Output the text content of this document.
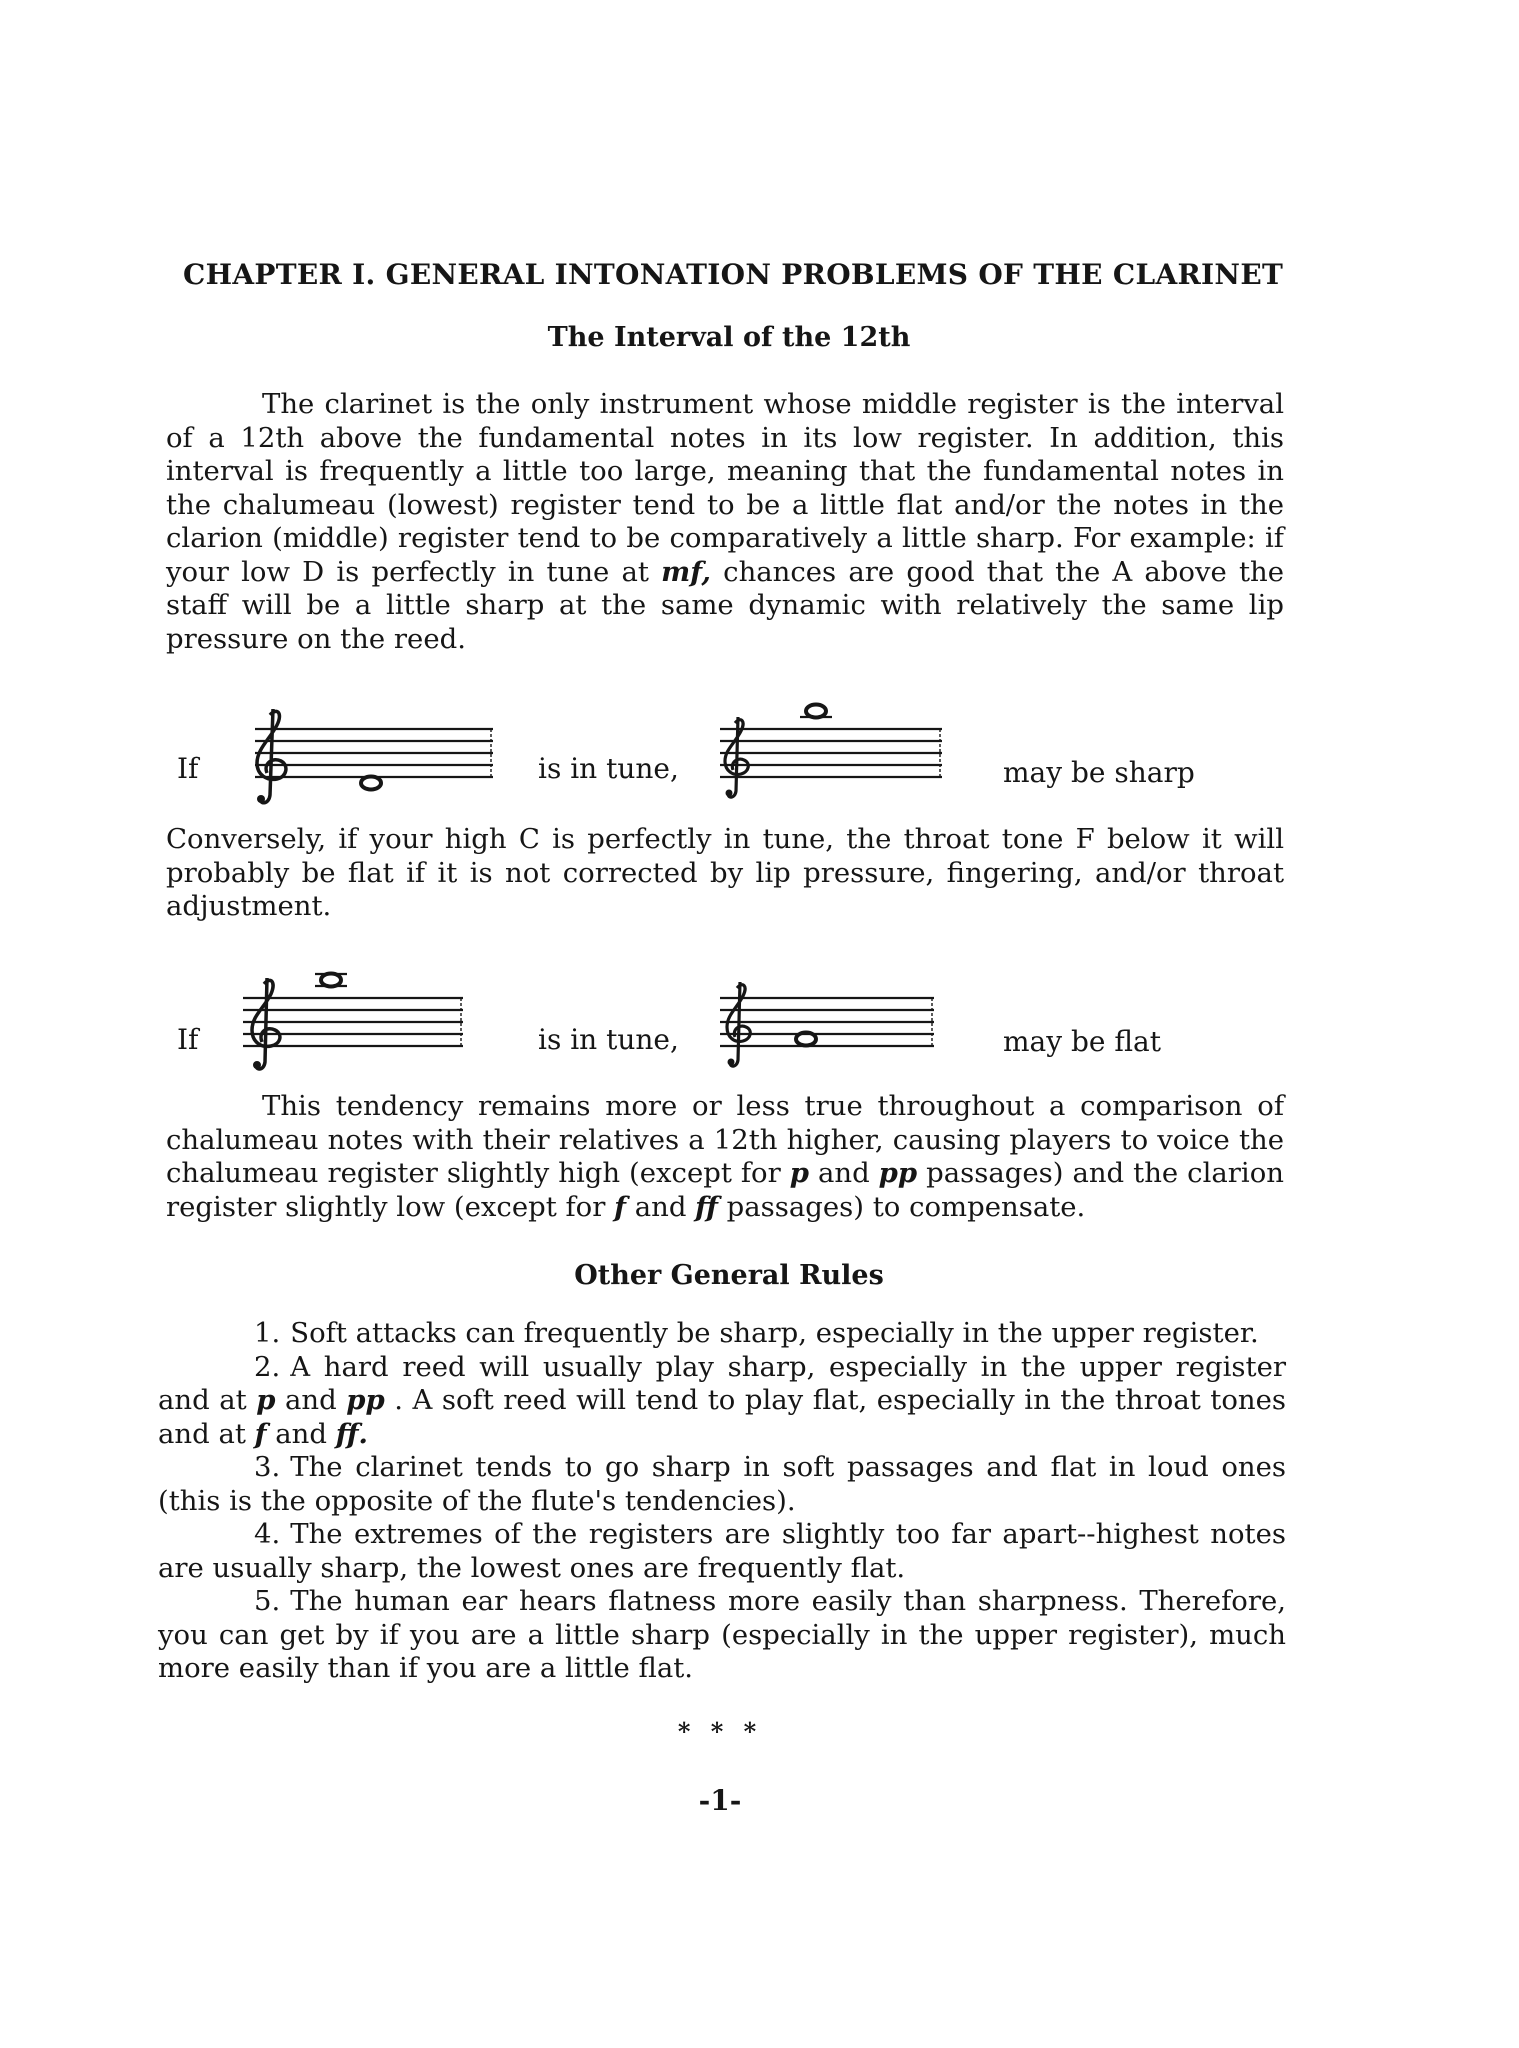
CHAPTER I. GENERAL INTONATION PROBLEMS OF THE CLARINET
The Interval of the 12th
The clarinet is the only instrument whose middle register is the interval of a 12th above the fundamental notes in its low register. In addition, this interval is frequently a little too large, meaning that the fundamental notes in the chalumeau (lowest) register tend to be a little flat and/or the notes in the clarion (middle) register tend to be comparatively a little sharp. For example: if your low D is perfectly in tune at mf, chances are good that the A above the staff will be a little sharp at the same dynamic with relatively the same lip pressure on the reed.
If	is in tune,	may be sharp
Conversely, if your high C is perfectly in tune, the throat tone F below it will probably be flat if it is not corrected by lip pressure, fingering, and/or throat adjustment.
If	is in tune,	may be flat
This tendency remains more or less true throughout a comparison of chalumeau notes with their relatives a 12th higher, causing players to voice the chalumeau register slightly high (except for p and pp passages) and the clarion register slightly low (except for f and ff passages) to compensate.
Other General Rules
1. Soft attacks can frequently be sharp, especially in the upper register.
2. A hard reed will usually play sharp, especially in the upper register and at p and pp . A soft reed will tend to play flat, especially in the throat tones and at f and ff.
3. The clarinet tends to go sharp in soft passages and flat in loud ones (this is the opposite of the flute's tendencies).
4. The extremes of the registers are slightly too far apart--highest notes are usually sharp, the lowest ones are frequently flat.
5. The human ear hears flatness more easily than sharpness. Therefore, you can get by if you are a little sharp (especially in the upper register), much more easily than if you are a little flat.
* * *
-1-
